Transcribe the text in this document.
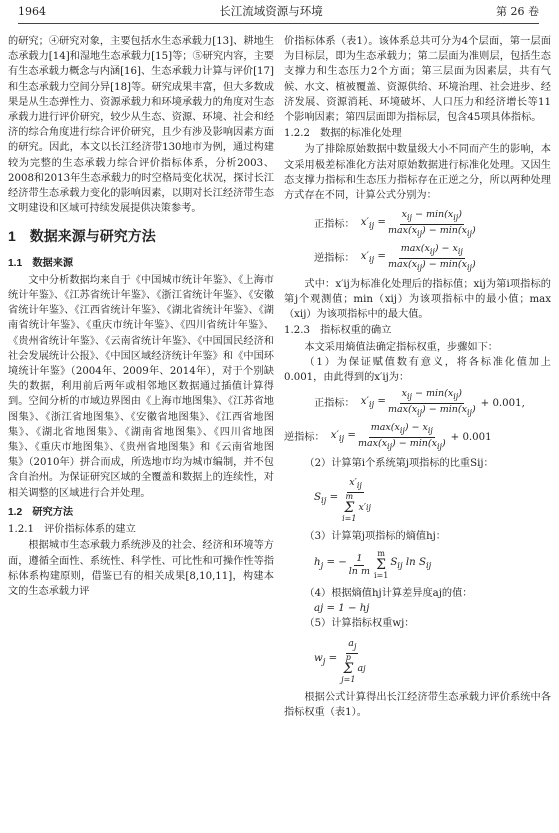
1964	长江流域资源与环境	第 26 卷

的研究；④研究对象，主要包括水生态承载力[13]、耕地生态承载力[14]和湿地生态承载力[15]等；⑤研究内容，主要有生态承载力概念与内涵[16]、生态承载力计算与评价[17]和生态承载力空间分异[18]等。研究成果丰富，但大多数成果是从生态弹性力、资源承载力和环境承载力的角度对生态承载力进行评价研究，较少从生态、资源、环境、社会和经济的综合角度进行综合评价研究，且少有涉及影响因素方面的研究。因此，本文以长江经济带130地市为例，通过构建较为完整的生态承载力综合评价指标体系，分析2003、2008和2013年生态承载力的时空格局变化状况，探讨长江经济带生态承载力变化的影响因素，以期对长江经济带生态文明建设和区域可持续发展提供决策参考。

1　数据来源与研究方法
1.1　数据来源

文中分析数据均来自于《中国城市统计年鉴》、《上海市统计年鉴》、《江苏省统计年鉴》、《浙江省统计年鉴》、《安徽省统计年鉴》、《江西省统计年鉴》、《湖北省统计年鉴》、《湖南省统计年鉴》、《重庆市统计年鉴》、《四川省统计年鉴》、《贵州省统计年鉴》、《云南省统计年鉴》、《中国国民经济和社会发展统计公报》、《中国区域经济统计年鉴》和《中国环境统计年鉴》（2004年、2009年、2014年），对于个别缺失的数据，利用前后两年或相邻地区数据通过插值计算得到。空间分析的市域边界图由《上海市地图集》、《江苏省地图集》、《浙江省地图集》、《安徽省地图集》、《江西省地图集》、《湖北省地图集》、《湖南省地图集》、《四川省地图集》、《重庆市地图集》、《贵州省地图集》和《云南省地图集》（2010年）拼合而成，所选地市均为城市编制，并不包含自治州。为保证研究区域的全覆盖和数据上的连续性，对相关调整的区域进行合并处理。

1.2　研究方法
1.2.1　评价指标体系的建立

根据城市生态承载力系统涉及的社会、经济和环境等方面，遵循全面性、系统性、科学性、可比性和可操作性等指标体系构建原则，借鉴已有的相关成果[8,10,11]，构建本文的生态承载力评

价指标体系（表1）。该体系总共可分为4个层面，第一层面为目标层，即为生态承载力；第二层面为准则层，包括生态支撑力和生态压力2个方面；第三层面为因素层，共有气候、水文、植被覆盖、资源供给、环境治理、社会进步、经济发展、资源消耗、环境破坏、人口压力和经济增长等11个影响因素；第四层面即为指标层，包含45项具体指标。

1.2.2　数据的标准化处理

为了排除原始数据中数量级大小不同而产生的影响，本文采用极差标准化方法对原始数据进行标准化处理。又因生态支撑力指标和生态压力指标存在正逆之分，所以两种处理方式存在不同，计算公式分别为：

正指标： $x'_{ij} = \frac{x_{ij} - \min(x_{ij})}{\max(x_{ij}) - \min(x_{ij})}$
逆指标： $x'_{ij} = \frac{\max(x_{ij}) - x_{ij}}{\max(x_{ij}) - \min(x_{ij})}$

式中：x′ij为标准化处理后的指标值；xij为第i项指标的第j个观测值；min（xij）为该项指标中的最小值；max（xij）为该项指标中的最大值。

1.2.3　指标权重的确立

本文采用熵值法确定指标权重，步骤如下：

（1）为保证赋值数有意义，将各标准化值加上0.001，由此得到的x′ij为：

正指标： $x'_{ij} = \frac{x_{ij} - \min(x_{ij})}{\max(x_{ij}) - \min(x_{ij})} + 0.001$,
逆指标： $x'_{ij} = \frac{\max(x_{ij}) - x_{ij}}{\max(x_{ij}) - \min(x_{ij})} + 0.001$

（2）计算第i个系统第j项指标的比重Sij：

$S_{ij} = x'_{ij}$
m
Σ
i=1
x′ ij

（3）计算第j项指标的熵值hj：

$h_j$ = − $\frac{1}{\text{ln m}}$ m
Σ
i=1
$S_{ij}$ $\ln S_{ij}$

（4）根据熵值hj计算差异度aj的值：

aj = 1 − hj

（5）计算指标权重wj：

$w_j = a_j$
p
Σ
j=1
a j

根据公式计算得出长江经济带生态承载力评价系统中各指标权重（表1）。
